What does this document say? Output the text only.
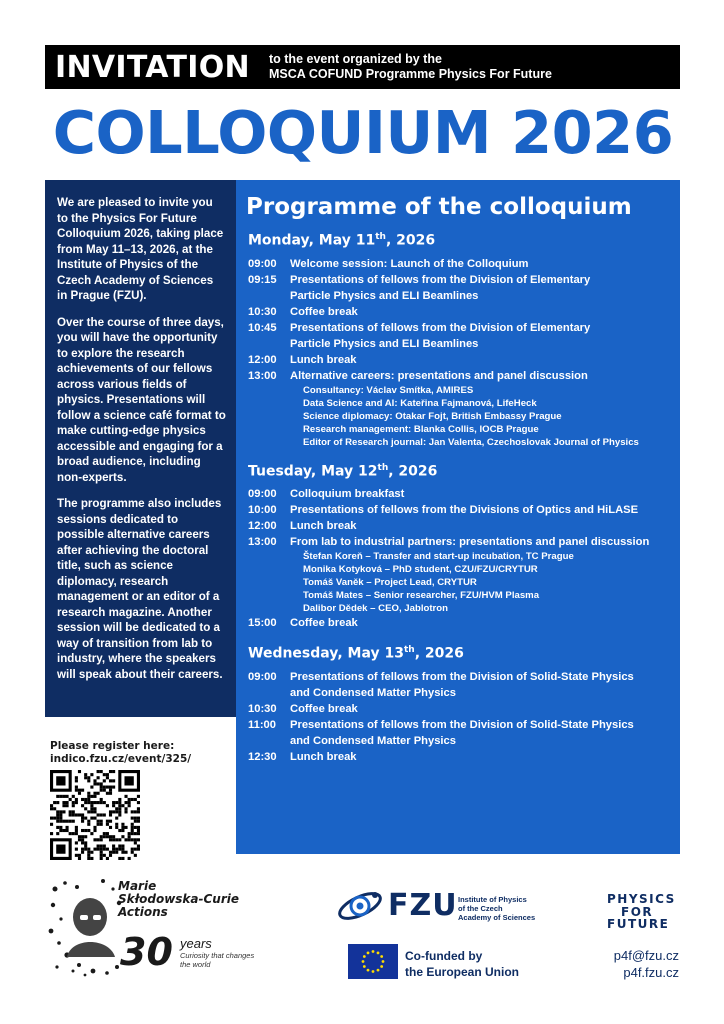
INVITATION	to the event organized by the
MSCA COFUND Programme Physics For Future
COLLOQUIUM 2026

We are pleased to invite you to the Physics For Future Colloquium 2026, taking place from May 11–13, 2026, at the Institute of Physics of the Czech Academy of Sciences in Prague (FZU).

Over the course of three days, you will have the opportunity to explore the research achievements of our fellows across various fields of physics. Presentations will follow a science café format to make cutting-edge physics accessible and engaging for a broad audience, including non-experts.

The programme also includes sessions dedicated to possible alternative careers after achieving the doctoral title, such as science diplomacy, research management or an editor of a research magazine. Another session will be dedicated to a way of transition from lab to industry, where the speakers will speak about their careers.

Programme of the colloquium
Monday, May 11th, 2026
09:00	Welcome session: Launch of the Colloquium
09:15	Presentations of fellows from the Division of Elementary
Particle Physics and ELI Beamlines
10:30	Coffee break
10:45	Presentations of fellows from the Division of Elementary
Particle Physics and ELI Beamlines
12:00	Lunch break
13:00	Alternative careers: presentations and panel discussion
Consultancy: Václav Smítka, AMIRES
Data Science and AI: Kateřina Fajmanová, LifeHeck
Science diplomacy: Otakar Fojt, British Embassy Prague
Research management: Blanka Collis, IOCB Prague
Editor of Research journal: Jan Valenta, Czechoslovak Journal of Physics
Tuesday, May 12th, 2026
09:00	Colloquium breakfast
10:00	Presentations of fellows from the Divisions of Optics and HiLASE
12:00	Lunch break
13:00	From lab to industrial partners: presentations and panel discussion
Štefan Koreň – Transfer and start-up incubation, TC Prague
Monika Kotyková – PhD student, CZU/FZU/CRYTUR
Tomáš Vaněk – Project Lead, CRYTUR
Tomáš Mates – Senior researcher, FZU/HVM Plasma
Dalibor Dědek – CEO, Jablotron
15:00	Coffee break
Wednesday, May 13th, 2026
09:00	Presentations of fellows from the Division of Solid-State Physics
and Condensed Matter Physics
10:30	Coffee break
11:00	Presentations of fellows from the Division of Solid-State Physics
and Condensed Matter Physics
12:30	Lunch break
Please register here:
indico.fzu.cz/event/325/
Marie
Skłodowska-Curie
Actions
30 years
Curiosity that changes
the world
FZU Institute of Physics
of the Czech
Academy of Sciences
Co-funded by
the European Union
PHYSICS
FOR
FUTURE
p4f@fzu.cz
p4f.fzu.cz
